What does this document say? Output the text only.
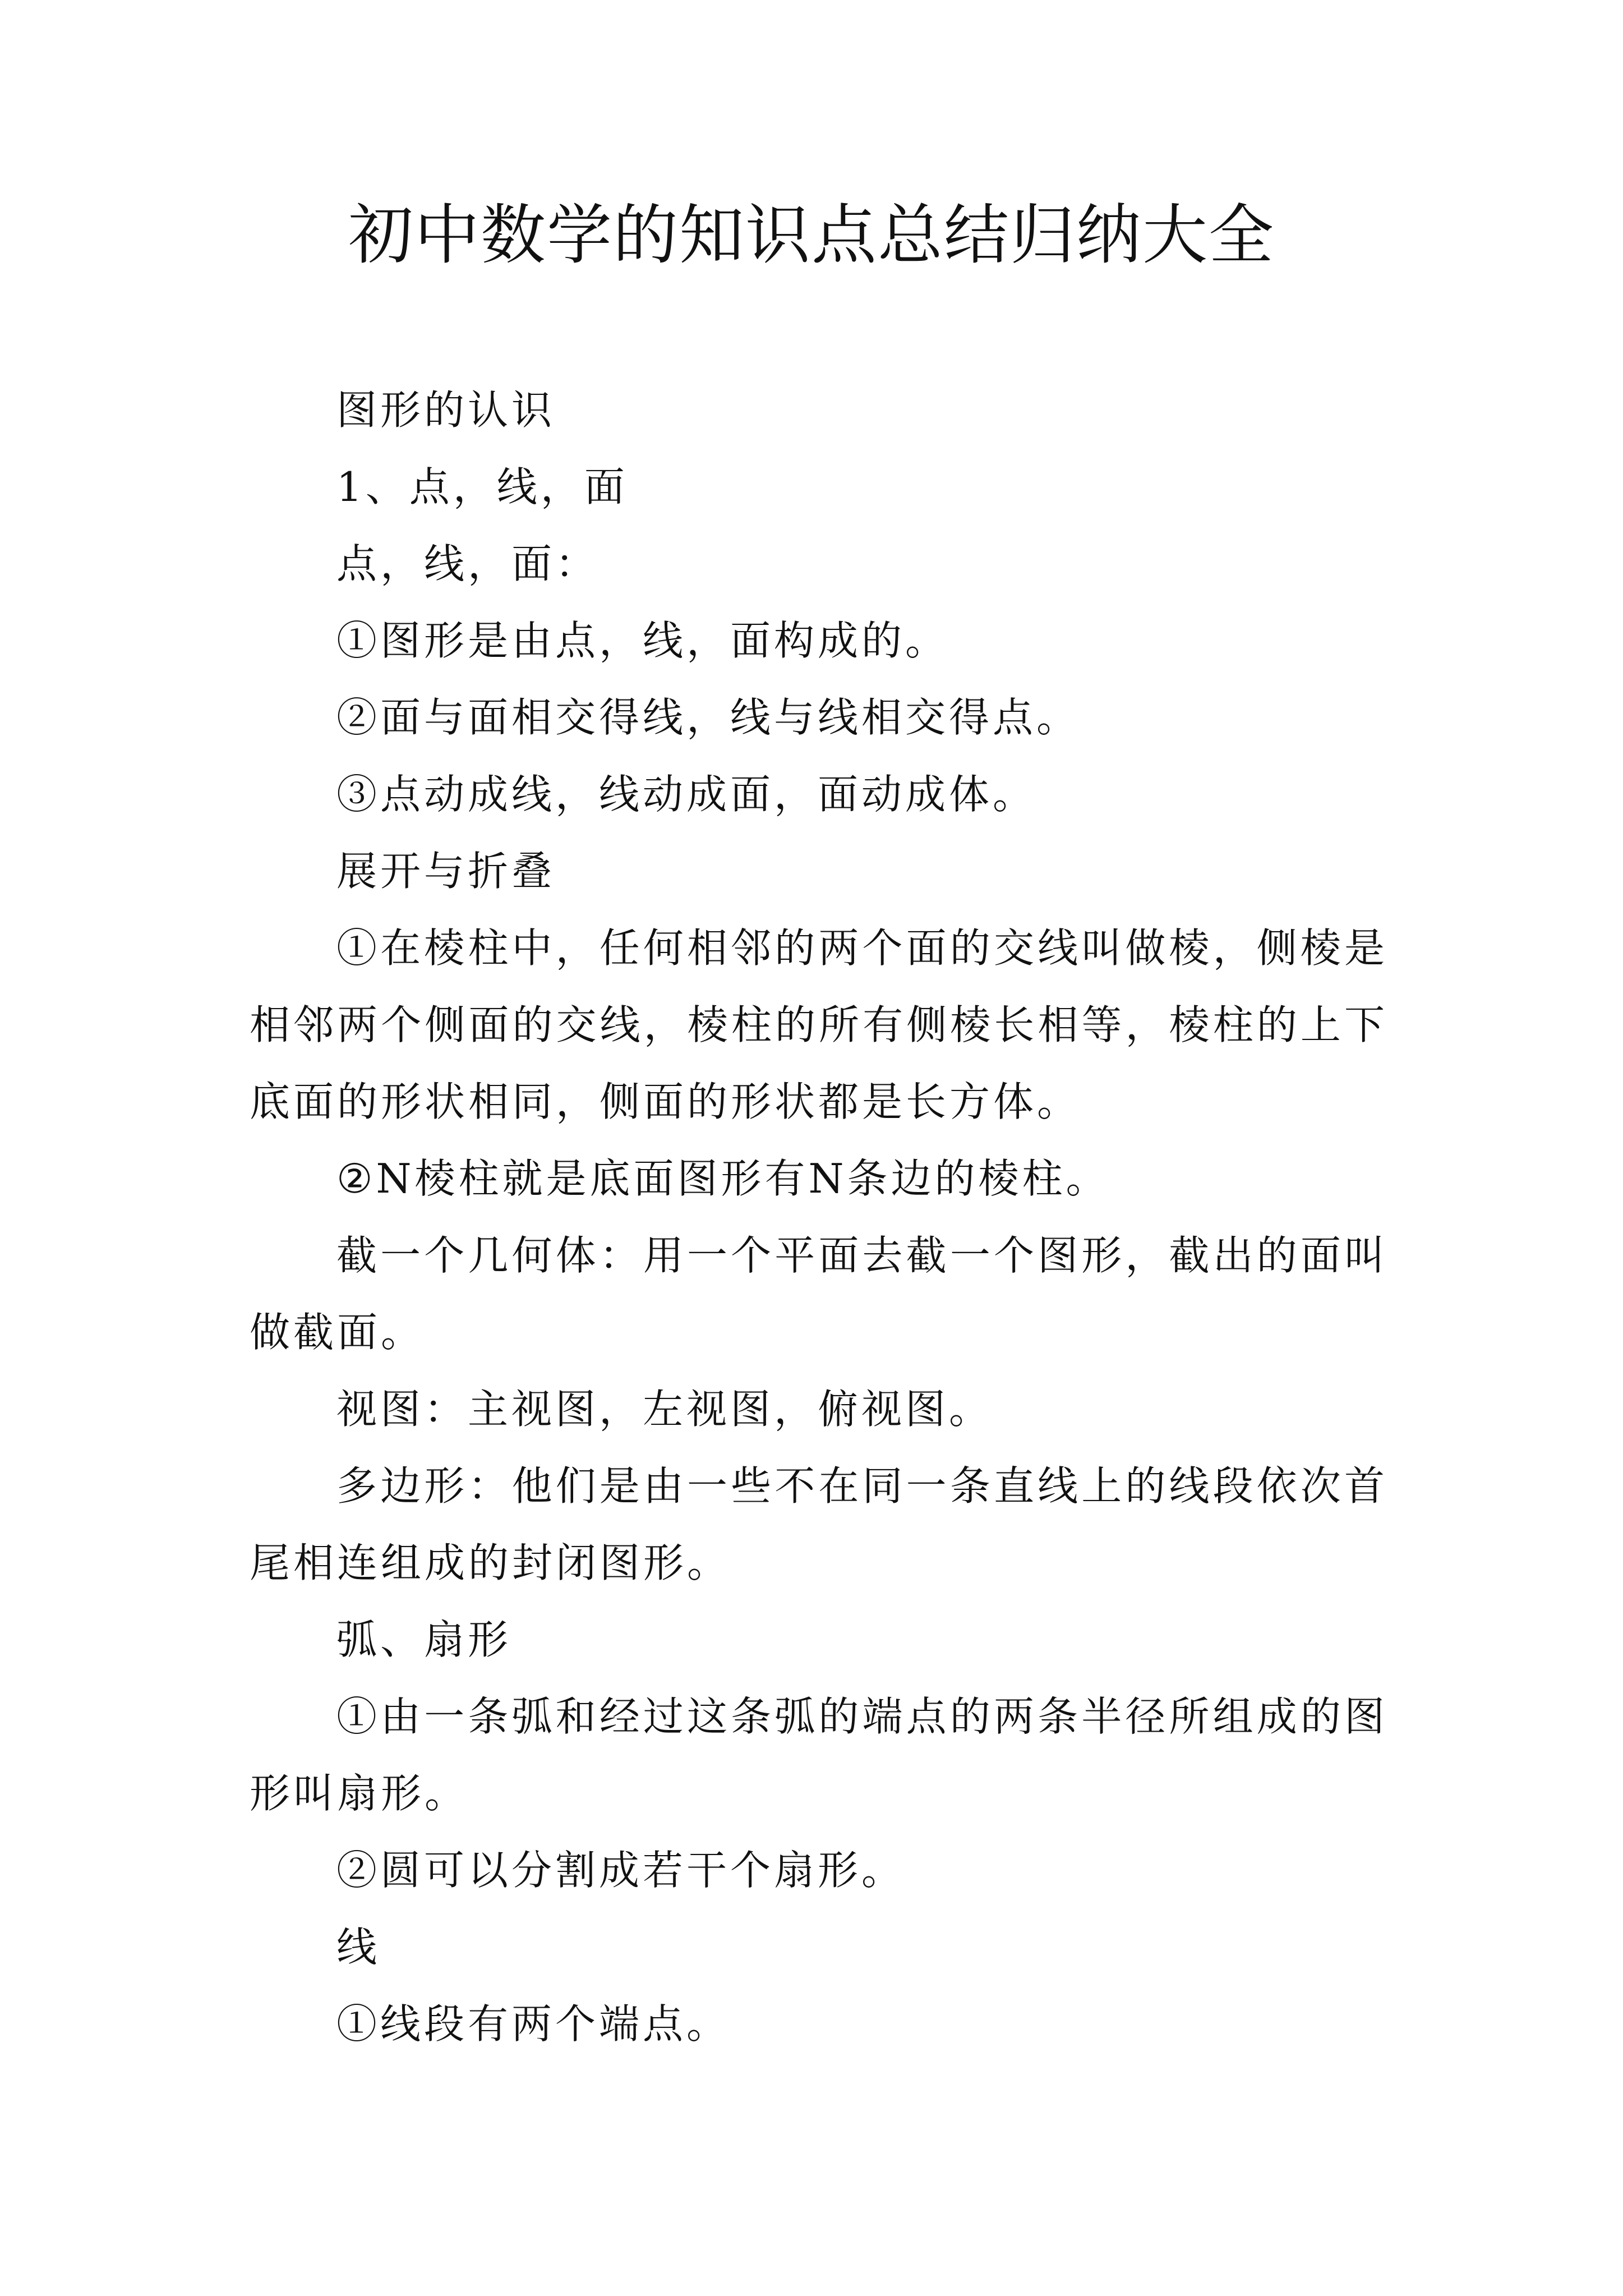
初中数学的知识点总结归纳大全

图形的认识

1、点，线，面

点，线，面：

①图形是由点，线，面构成的。

②面与面相交得线，线与线相交得点。

③点动成线，线动成面，面动成体。

展开与折叠

①在棱柱中，任何相邻的两个面的交线叫做棱，侧棱是相邻两个侧面的交线，棱柱的所有侧棱长相等，棱柱的上下底面的形状相同，侧面的形状都是长方体。

②N棱柱就是底面图形有N条边的棱柱。

截一个几何体：用一个平面去截一个图形，截出的面叫做截面。

视图：主视图，左视图，俯视图。

多边形：他们是由一些不在同一条直线上的线段依次首尾相连组成的封闭图形。

弧、扇形

①由一条弧和经过这条弧的端点的两条半径所组成的图形叫扇形。

②圆可以分割成若干个扇形。

线

①线段有两个端点。
